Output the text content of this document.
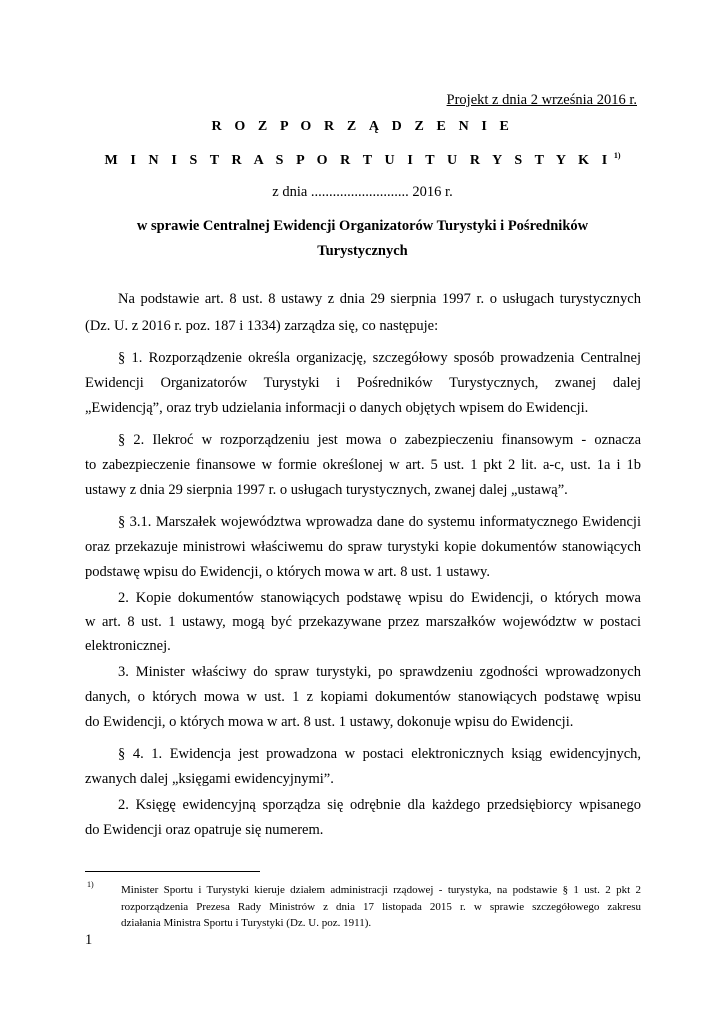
Projekt z dnia 2 września 2016 r.

R O Z P O R Z Ą D Z E N I E

M I N I S T R A S P O R T U I T U R Y S T Y K I $^{1)}$

z dnia ........................... 2016 r.

w sprawie Centralnej Ewidencji Organizatorów Turystyki i Pośredników

Turystycznych

Na podstawie art. 8 ust. 8 ustawy z dnia 29 sierpnia 1997 r. o usługach turystycznych

(Dz. U. z 2016 r. poz. 187 i 1334) zarządza się, co następuje:

§ 1. Rozporządzenie określa organizację, szczegółowy sposób prowadzenia Centralnej

Ewidencji Organizatorów Turystyki i Pośredników Turystycznych, zwanej dalej

„Ewidencją”, oraz tryb udzielania informacji o danych objętych wpisem do Ewidencji.

§ 2. Ilekroć w rozporządzeniu jest mowa o zabezpieczeniu finansowym - oznacza

to zabezpieczenie finansowe w formie określonej w art. 5 ust. 1 pkt 2 lit. a-c, ust. 1a i 1b

ustawy z dnia 29 sierpnia 1997 r. o usługach turystycznych, zwanej dalej „ustawą”.

§ 3.1. Marszałek województwa wprowadza dane do systemu informatycznego Ewidencji

oraz przekazuje ministrowi właściwemu do spraw turystyki kopie dokumentów stanowiących

podstawę wpisu do Ewidencji, o których mowa w art. 8 ust. 1 ustawy.

2. Kopie dokumentów stanowiących podstawę wpisu do Ewidencji, o których mowa

w art. 8 ust. 1 ustawy, mogą być przekazywane przez marszałków województw w postaci

elektronicznej.

3. Minister właściwy do spraw turystyki, po sprawdzeniu zgodności wprowadzonych

danych, o których mowa w ust. 1 z kopiami dokumentów stanowiących podstawę wpisu

do Ewidencji, o których mowa w art. 8 ust. 1 ustawy, dokonuje wpisu do Ewidencji.

§ 4. 1. Ewidencja jest prowadzona w postaci elektronicznych ksiąg ewidencyjnych,

zwanych dalej „księgami ewidencyjnymi”.

2. Księgę ewidencyjną sporządza się odrębnie dla każdego przedsiębiorcy wpisanego

do Ewidencji oraz opatruje się numerem.

1) Minister Sportu i Turystyki kieruje działem administracji rządowej - turystyka, na podstawie § 1 ust. 2 pkt 2

rozporządzenia Prezesa Rady Ministrów z dnia 17 listopada 2015 r. w sprawie szczegółowego zakresu

działania Ministra Sportu i Turystyki (Dz. U. poz. 1911).

1
